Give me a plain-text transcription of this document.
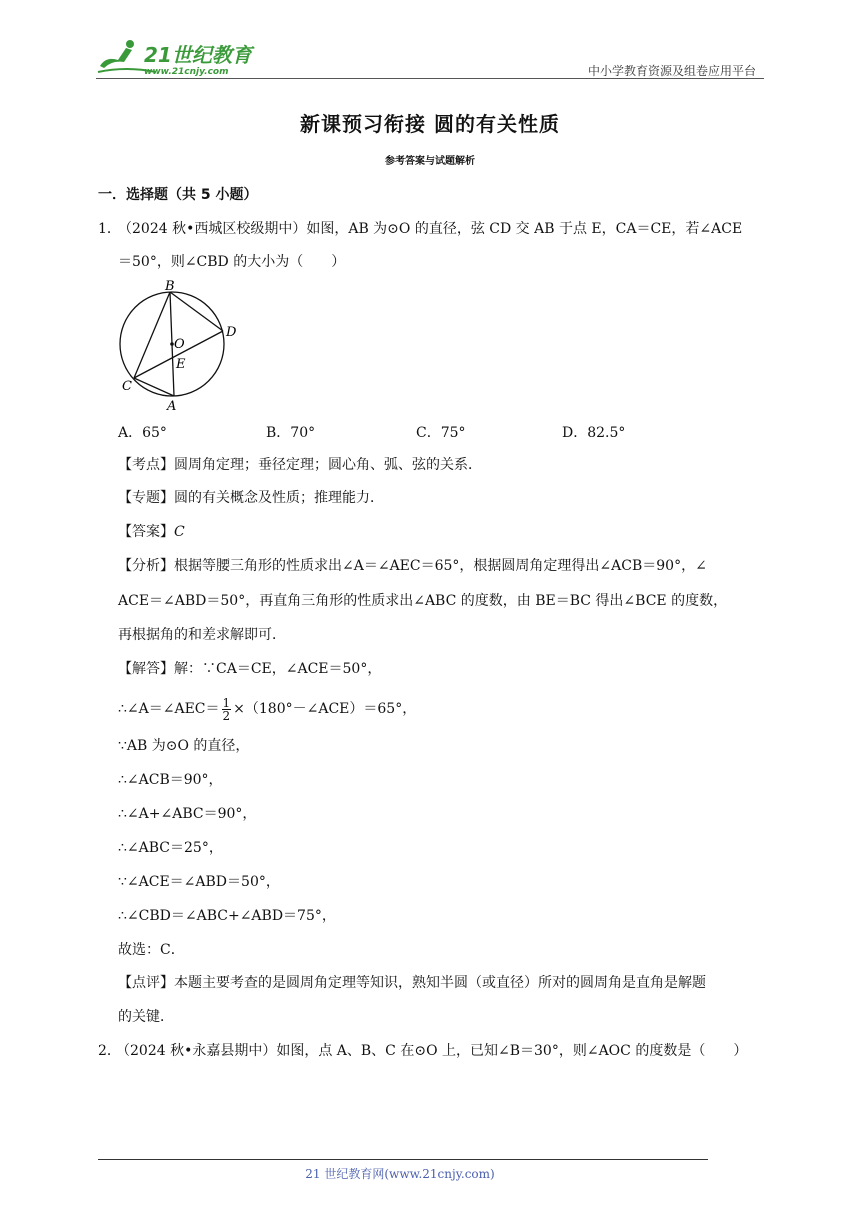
21世纪教育
www.21cnjy.com	中小学教育资源及组卷应用平台
新课预习衔接 圆的有关性质
参考答案与试题解析
一．选择题（共 5 小题）
1．
（2024 秋•西城区校级期中）如图，AB 为⊙O 的直径，弦 CD 交 AB 于点 E，CA＝CE，若∠ACE
＝50°，则∠CBD 的大小为（　　）
B
D
O
E
C
A
A．65°	B．70°	C．75°	D．82.5°
【考点】圆周角定理；垂径定理；圆心角、弧、弦的关系．
【专题】圆的有关概念及性质；推理能力．
【答案】C
【分析】根据等腰三角形的性质求出∠A＝∠AEC＝65°，根据圆周角定理得出∠ACB＝90°，∠
ACE＝∠ABD＝50°，再直角三角形的性质求出∠ABC 的度数，由 BE＝BC 得出∠BCE 的度数，
再根据角的和差求解即可．
【解答】解：∵CA＝CE，∠ACE＝50°，
∴∠A＝∠AEC＝ $\frac{1}{2}$ ×（180°－∠ACE）＝65°，
∵AB 为⊙O 的直径，
∴∠ACB＝90°，
∴∠A+∠ABC＝90°，
∴∠ABC＝25°，
∵∠ACE＝∠ABD＝50°，
∴∠CBD＝∠ABC+∠ABD＝75°，
故选：C．
【点评】本题主要考查的是圆周角定理等知识，熟知半圆（或直径）所对的圆周角是直角是解题
的关键．
2．
（2024 秋•永嘉县期中）如图，点 A、B、C 在⊙O 上，已知∠B＝30°，则∠AOC 的度数是（　　）
21 世纪教育网(www.21cnjy.com)
